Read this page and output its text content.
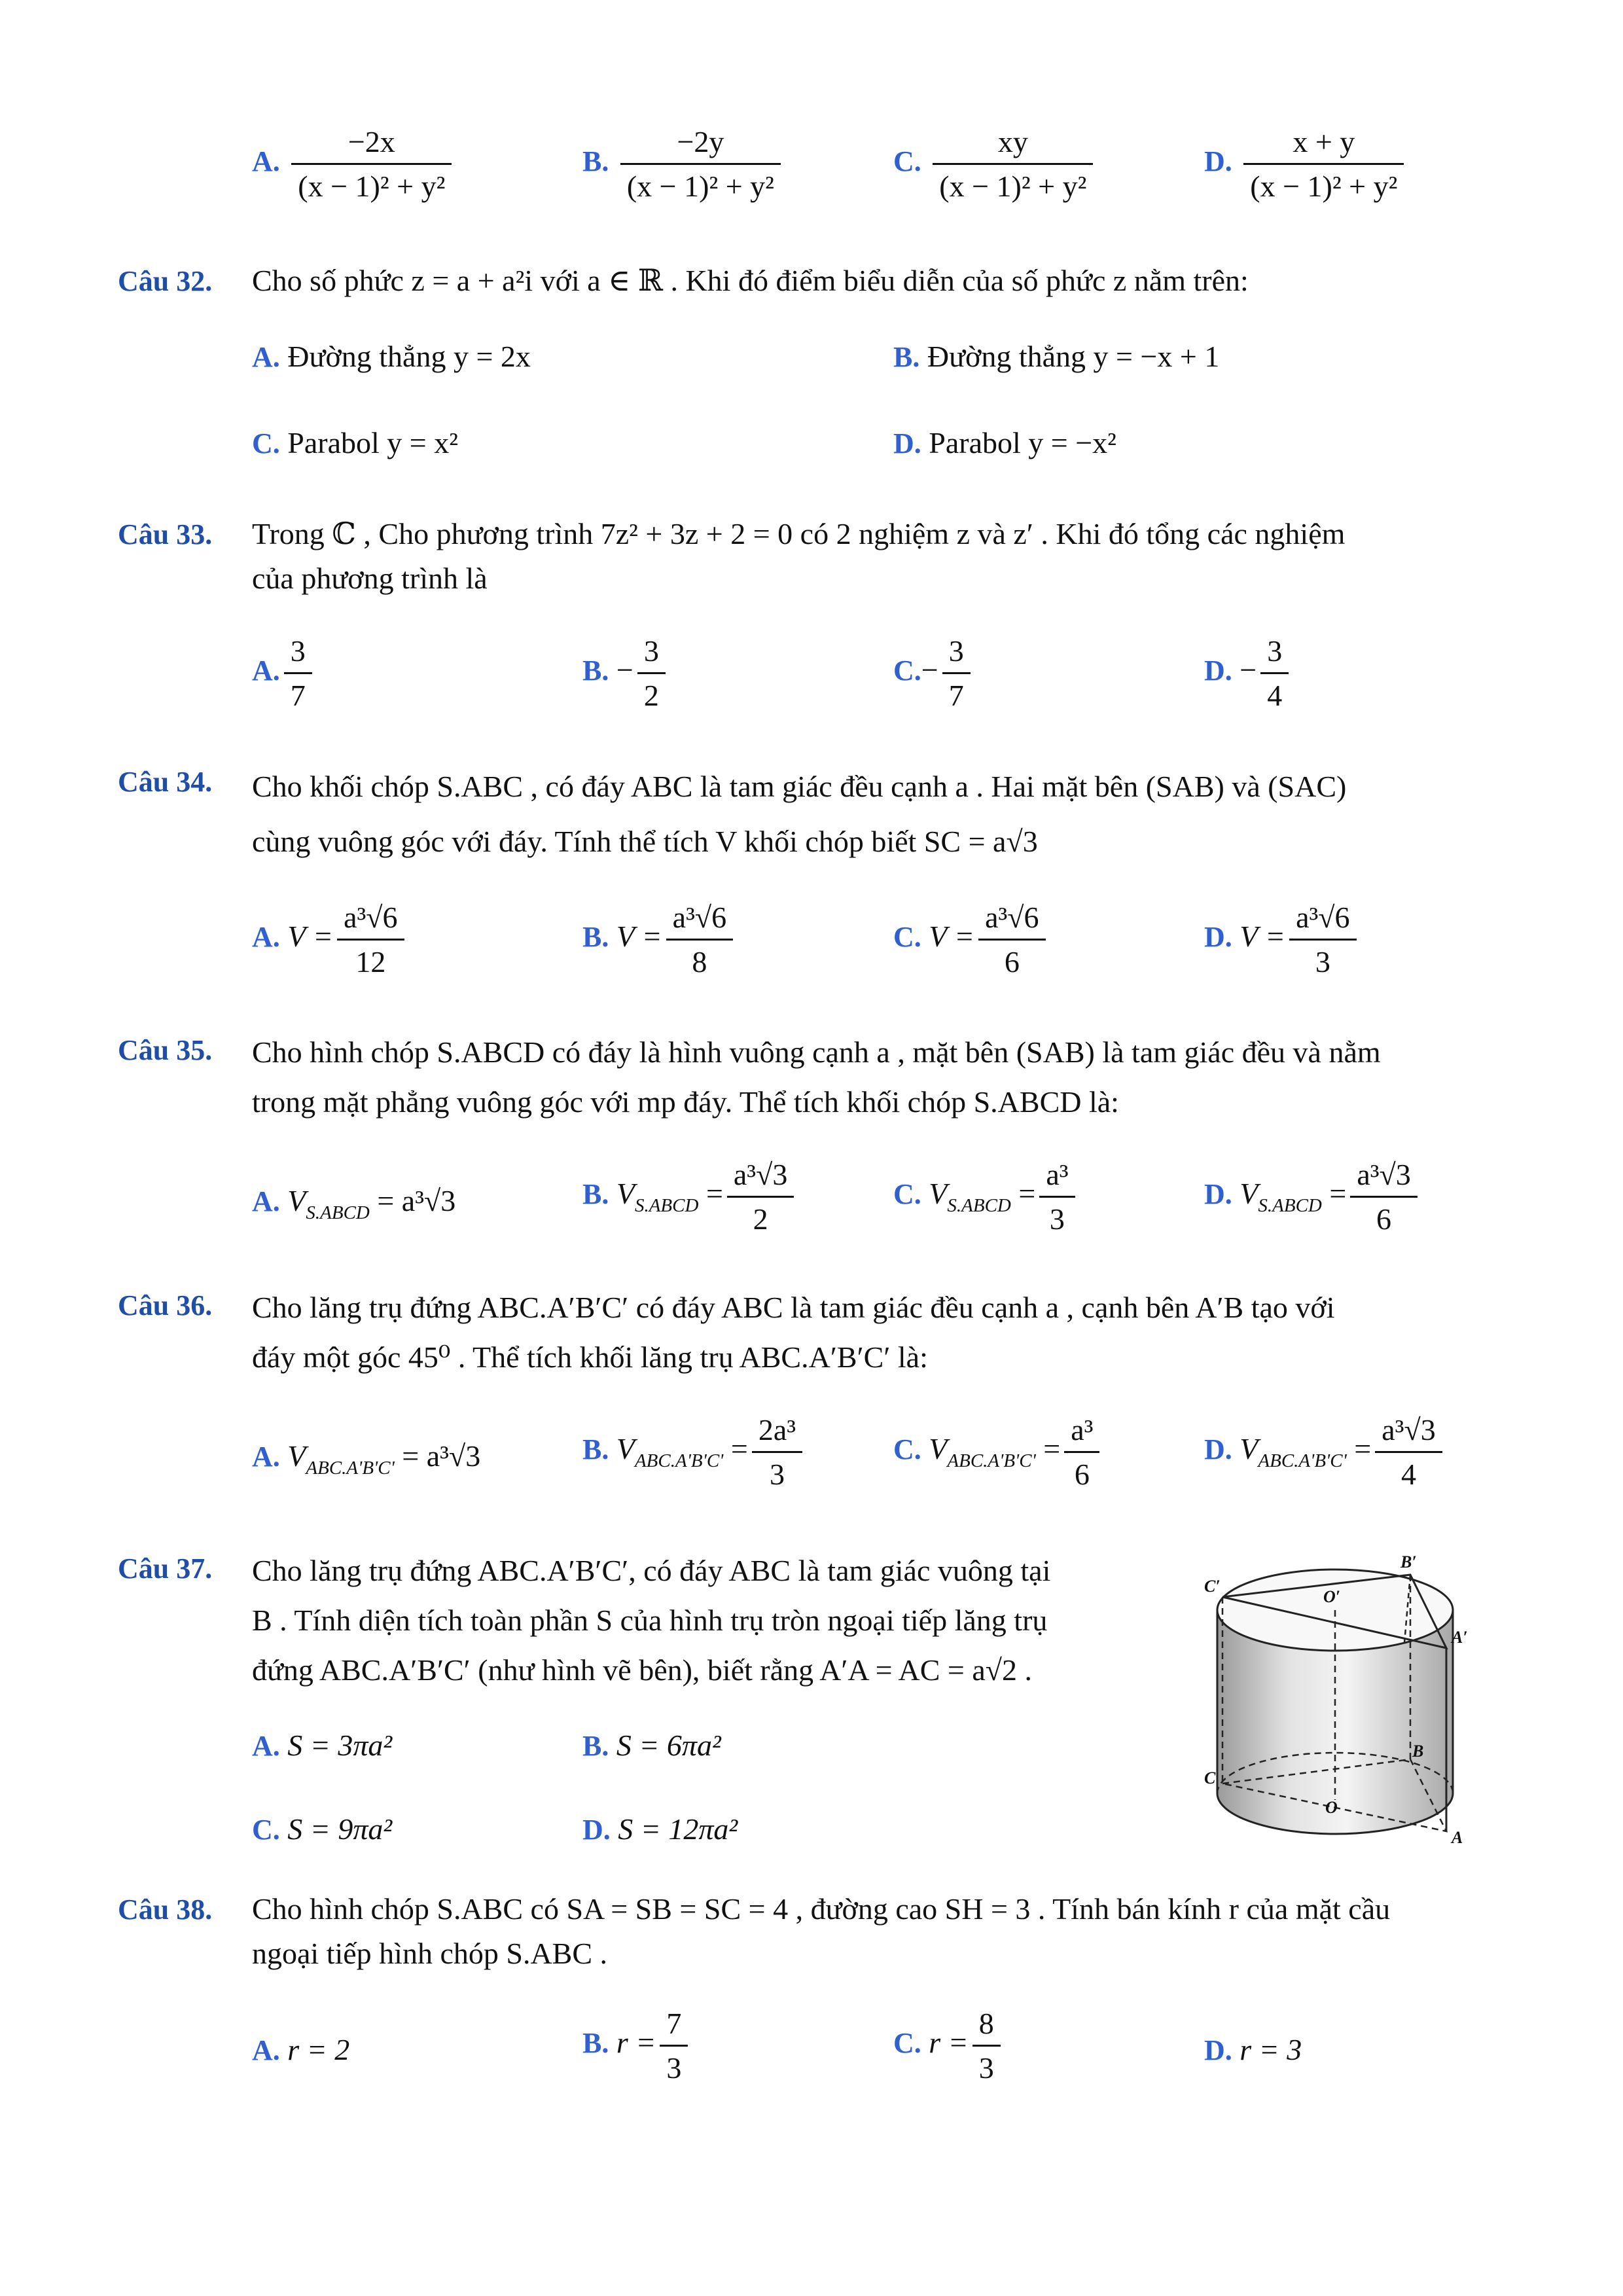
A. $\frac{-2x}{\text{(x − 1)² + y²}}$	B. $\frac{-2y}{\text{(x − 1)² + y²}}$	C. $\frac{xy}{\text{(x − 1)² + y²}}$	D. $\frac{x + y}{\text{(x − 1)² + y²}}$
Câu 32. Cho số phức z = a + a²i với a ∈ ℝ . Khi đó điểm biểu diễn của số phức z nằm trên:
A. Đường thẳng y = 2x	B. Đường thẳng y = −x + 1
C. Parabol y = x²	D. Parabol y = −x²
Câu 33. Trong ℂ , Cho phương trình 7z² + 3z + 2 = 0 có 2 nghiệm z và z′ . Khi đó tổng các nghiệm
của phương trình là
A. $\frac{3}{7}$	B. − $\frac{3}{2}$	$C.- \frac{3}{7}$	D. − $\frac{3}{4}$
Câu 34. Cho khối chóp S.ABC , có đáy ABC là tam giác đều cạnh a . Hai mặt bên (SAB) và (SAC)
cùng vuông góc với đáy. Tính thể tích V khối chóp biết SC = a√3
A. $V = \frac{\text{a³√6}}{12}$	B. $V = \frac{\text{a³√6}}{8}$	C. $V = \frac{\text{a³√6}}{6}$	D. $V = \frac{\text{a³√6}}{3}$
Câu 35. Cho hình chóp S.ABCD có đáy là hình vuông cạnh a , mặt bên (SAB) là tam giác đều và nằm
trong mặt phẳng vuông góc với mp đáy. Thể tích khối chóp S.ABCD là:
A. $V_{S.ABCD} = a^3√3$	B. $V_{S.ABCD} = \frac{\text{a³√3}}{2}$	C. $V_{S.ABCD} = \frac{\text{a³}}{3}$	D. $V_{S.ABCD} = \frac{\text{a³√3}}{6}$
Câu 36. Cho lăng trụ đứng ABC.A′B′C′ có đáy ABC là tam giác đều cạnh a , cạnh bên A′B tạo với
đáy một góc 45⁰ . Thể tích khối lăng trụ ABC.A′B′C′ là:
A. $V_{ABC.A'B'C'} = a^3√3$	B. $V_{ABC.A'B'C'} = \frac{\text{2a³}}{3}$	C. $V_{ABC.A'B'C'} = \frac{\text{a³}}{6}$	D. $V_{ABC.A'B'C'} = \frac{\text{a³√3}}{4}$
Câu 37. Cho lăng trụ đứng ABC.A′B′C′, có đáy ABC là tam giác vuông tại
B . Tính diện tích toàn phần S của hình trụ tròn ngoại tiếp lăng trụ
đứng ABC.A′B′C′ (như hình vẽ bên), biết rằng A′A = AC = a√2 .
A. S = 3πa²	B. S = 6πa²
C. S = 9πa²	D. S = 12πa²
C′
B′
O′
A′
C
B
O
A
Câu 38. Cho hình chóp S.ABC có SA = SB = SC = 4 , đường cao SH = 3 . Tính bán kính r của mặt cầu
ngoại tiếp hình chóp S.ABC .
A. r = 2	B. $r = \frac{7}{3}$	C. $r = \frac{8}{3}$	D. r = 3
